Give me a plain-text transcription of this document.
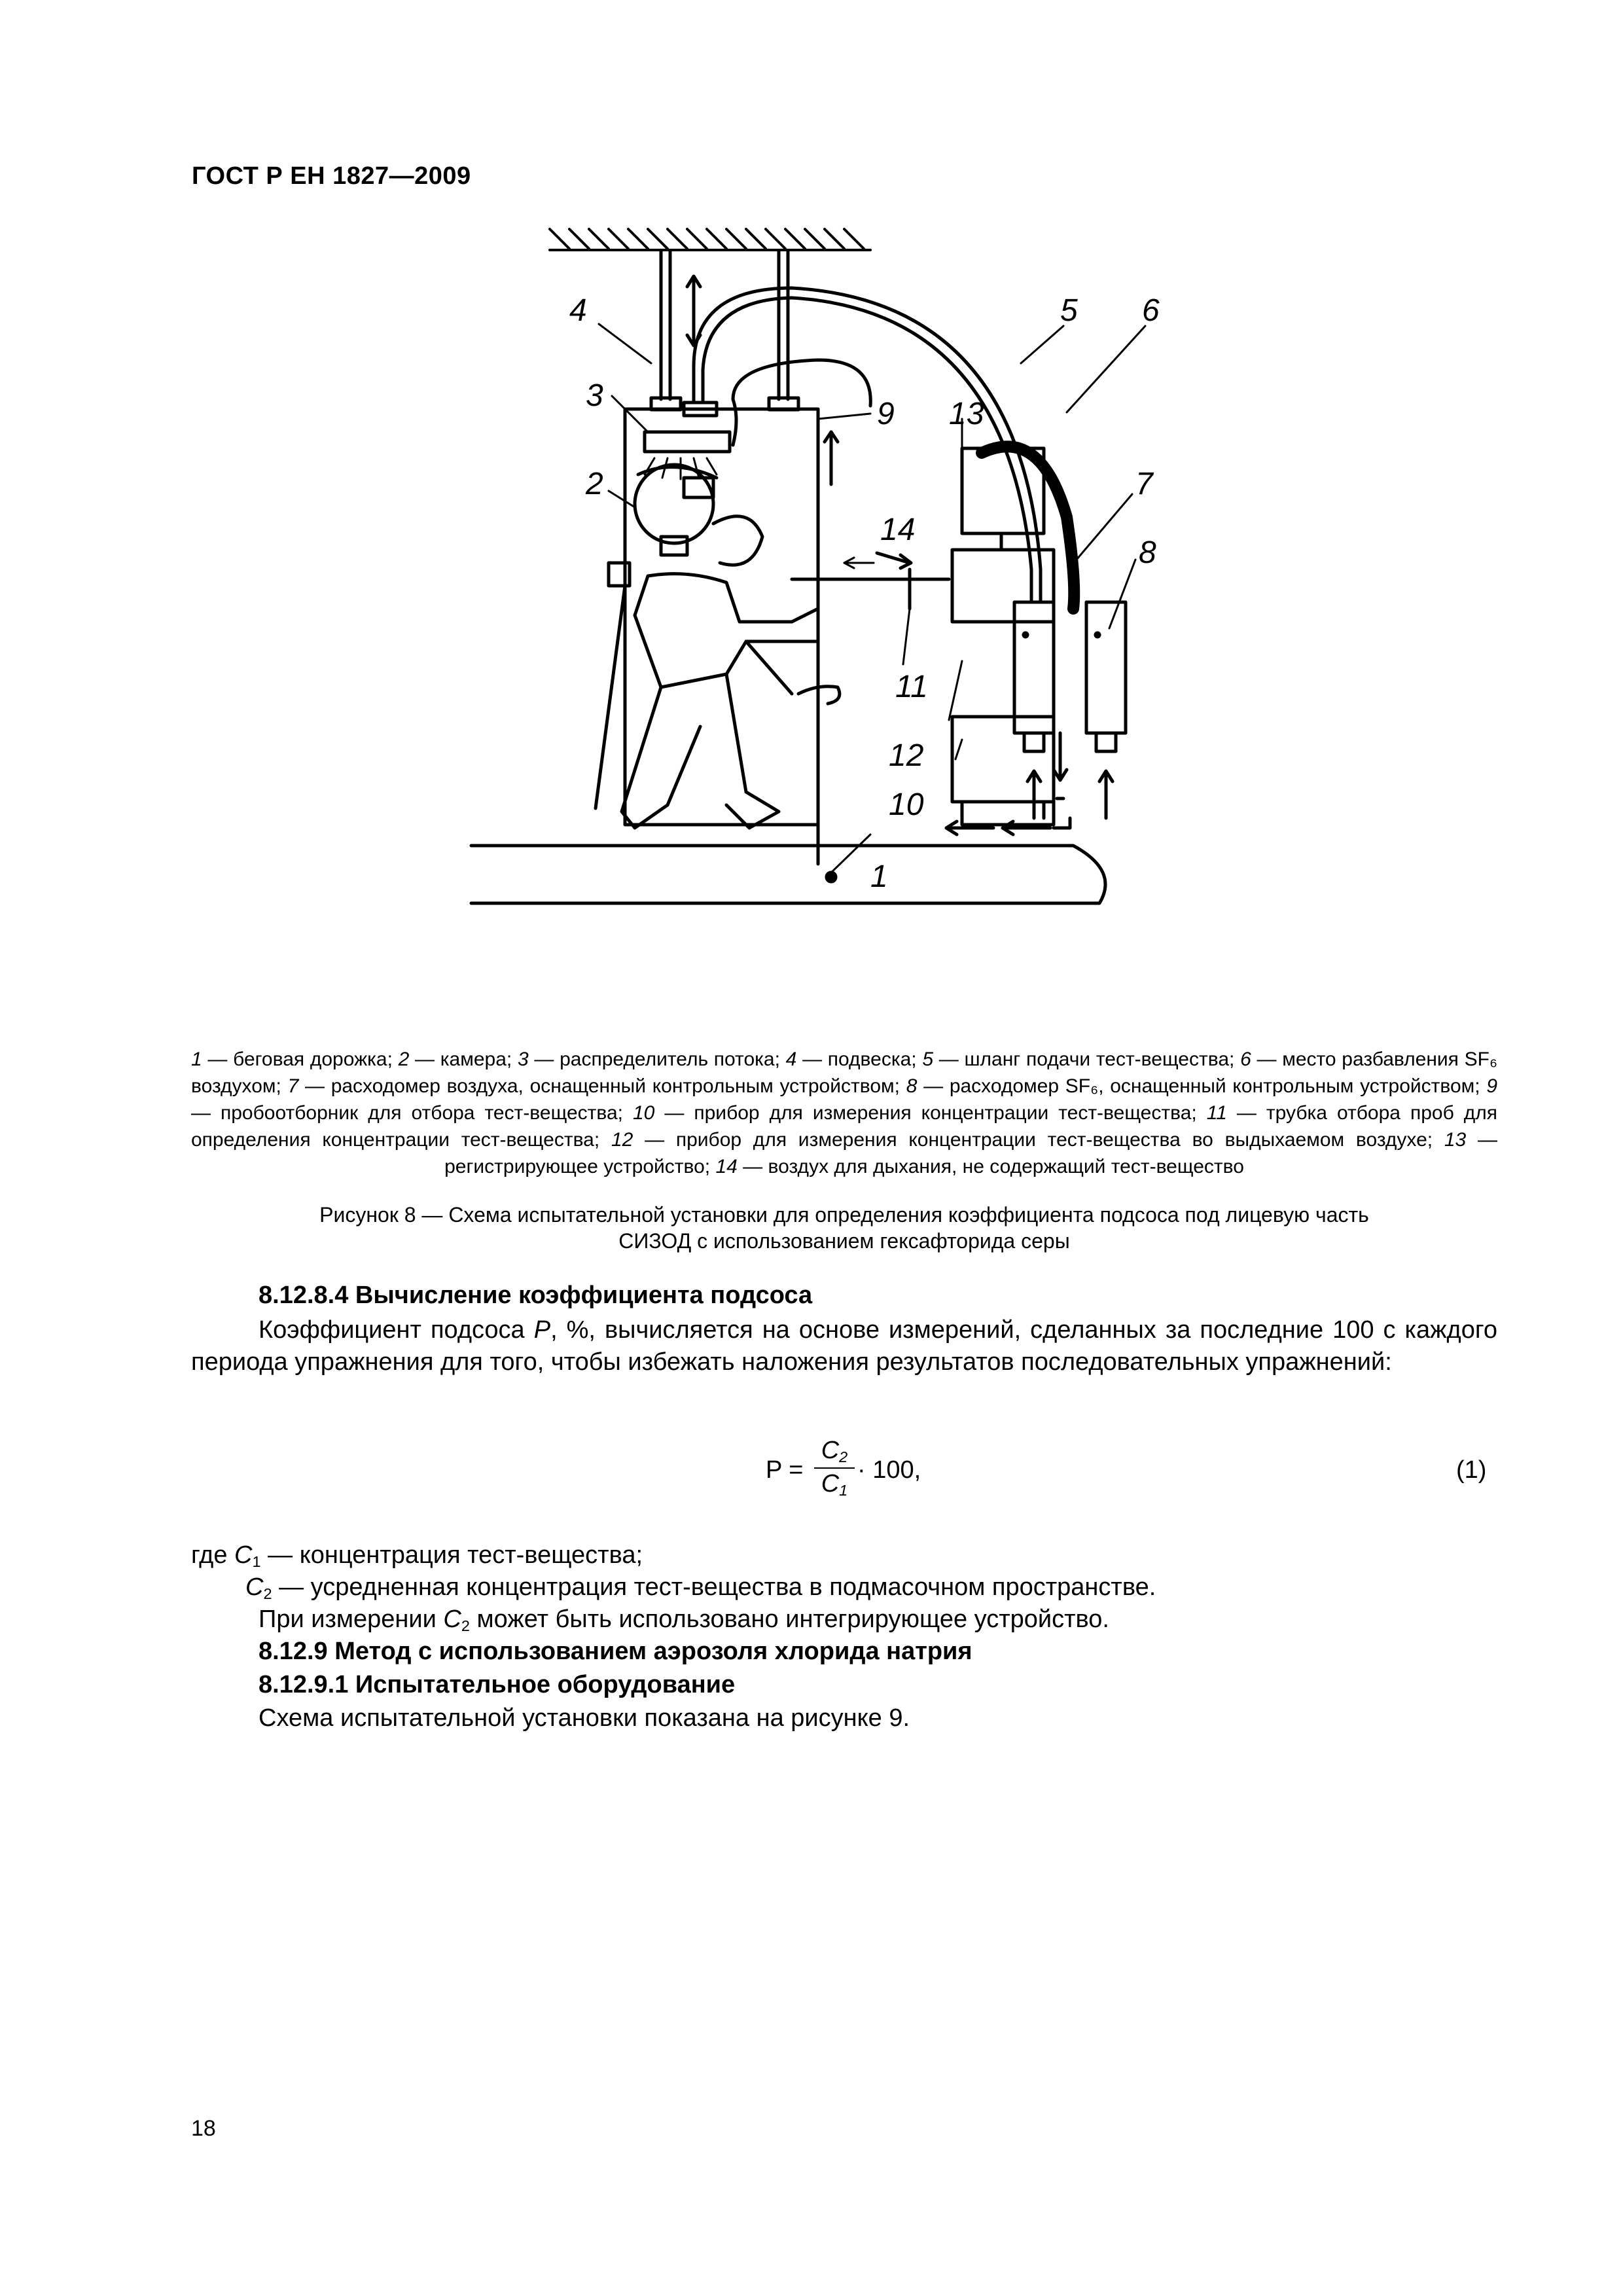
ГОСТ Р ЕН 1827—2009
4
3
2
5 6
9 13
7
8
14
11
12
10
1
1 — беговая дорожка; 2 — камера; 3 — распределитель потока; 4 — подвеска; 5 — шланг подачи тест-вещества; 6 — место разбавления SF₆ воздухом; 7 — расходомер воздуха, оснащенный контрольным устройством; 8 — расходомер SF₆, оснащенный контрольным устройством; 9 — пробоотборник для отбора тест-вещества; 10 — прибор для измерения концентрации тест-вещества; 11 — трубка отбора проб для определения концентрации тест-вещества; 12 — прибор для измерения концентрации тест-вещества во выдыхаемом воздухе; 13 — регистрирующее устройство; 14 — воздух для дыхания, не содержащий тест-вещество
Рисунок 8 — Схема испытательной установки для определения коэффициента подсоса под лицевую часть
СИЗОД с использованием гексафторида серы
8.12.8.4 Вычисление коэффициента подсоса
Коэффициент подсоса P, %, вычисляется на основе измерений, сделанных за последние 100 с каждого периода упражнения для того, чтобы избежать наложения результатов последовательных упражнений:
P =
$C_2$
$C_1$
· 100,	(1)
где $C_1$ — концентрация тест-вещества;
$C_2$ — усредненная концентрация тест-вещества в подмасочном пространстве.
При измерении $C_2$ может быть использовано интегрирующее устройство.
8.12.9 Метод с использованием аэрозоля хлорида натрия
8.12.9.1 Испытательное оборудование
Схема испытательной установки показана на рисунке 9.
18
